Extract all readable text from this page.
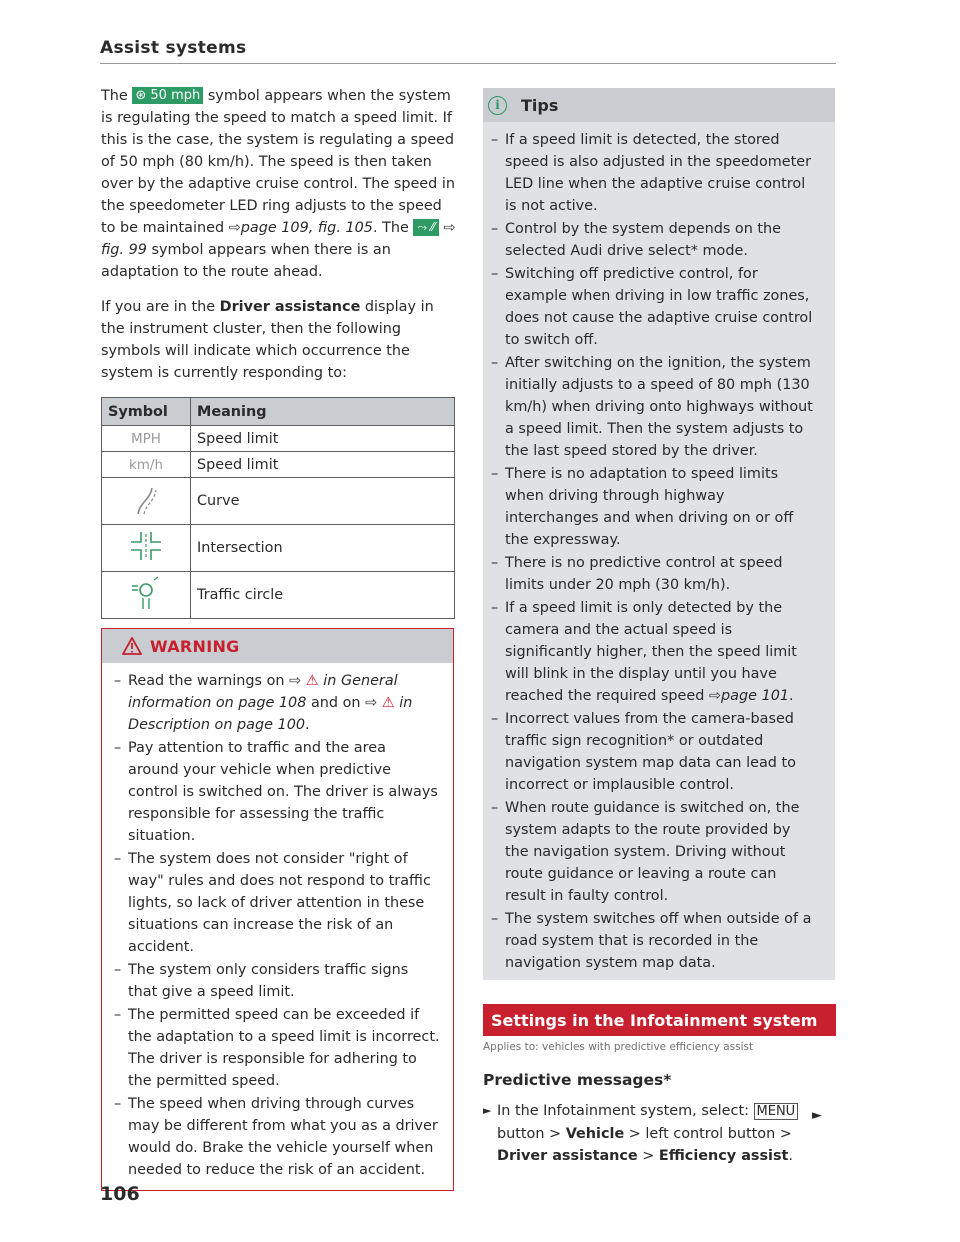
Assist systems

The ⊛ 50 mph symbol appears when the system is regulating the speed to match a speed limit. If this is the case, the system is regulating a speed of 50 mph (80 km/h). The speed is then taken over by the adaptive cruise control. The speed in the speedometer LED ring adjusts to the speed to be maintained ⇨page 109, fig. 105. The ⤳ ⁄⁄ ⇨ fig. 99 symbol appears when there is an adaptation to the route ahead.

If you are in the Driver assistance display in the instrument cluster, then the following symbols will indicate which occurrence the system is currently responding to:

Symbol	Meaning
MPH	Speed limit
km/h	Speed limit
	Curve
	Intersection
	Traffic circle
WARNING
– Read the warnings on ⇨ ⚠ in General information on page 108 and on ⇨ ⚠ in Description on page 100.
– Pay attention to traffic and the area around your vehicle when predictive control is switched on. The driver is always responsible for assessing the traffic situation.
– The system does not consider "right of way" rules and does not respond to traffic lights, so lack of driver attention in these situations can increase the risk of an accident.
– The system only considers traffic signs that give a speed limit.
– The permitted speed can be exceeded if the adaptation to a speed limit is incorrect. The driver is responsible for adhering to the permitted speed.
– The speed when driving through curves may be different from what you as a driver would do. Brake the vehicle yourself when needed to reduce the risk of an accident.
i	Tips
– If a speed limit is detected, the stored speed is also adjusted in the speedometer LED line when the adaptive cruise control is not active.
– Control by the system depends on the selected Audi drive select* mode.
– Switching off predictive control, for example when driving in low traffic zones, does not cause the adaptive cruise control to switch off.
– After switching on the ignition, the system initially adjusts to a speed of 80 mph (130 km/h) when driving onto highways without a speed limit. Then the system adjusts to the last speed stored by the driver.
– There is no adaptation to speed limits when driving through highway interchanges and when driving on or off the expressway.
– There is no predictive control at speed limits under 20 mph (30 km/h).
– If a speed limit is only detected by the camera and the actual speed is significantly higher, then the speed limit will blink in the display until you have reached the required speed ⇨page 101.
– Incorrect values from the camera-based traffic sign recognition* or outdated navigation system map data can lead to incorrect or implausible control.
– When route guidance is switched on, the system adapts to the route provided by the navigation system. Driving without route guidance or leaving a route can result in faulty control.
– The system switches off when outside of a road system that is recorded in the navigation system map data.
Settings in the Infotainment system
Applies to: vehicles with predictive efficiency assist
Predictive messages*
► In the Infotainment system, select: MENU button > Vehicle > left control button > Driver assistance > Efficiency assist.
►
106
